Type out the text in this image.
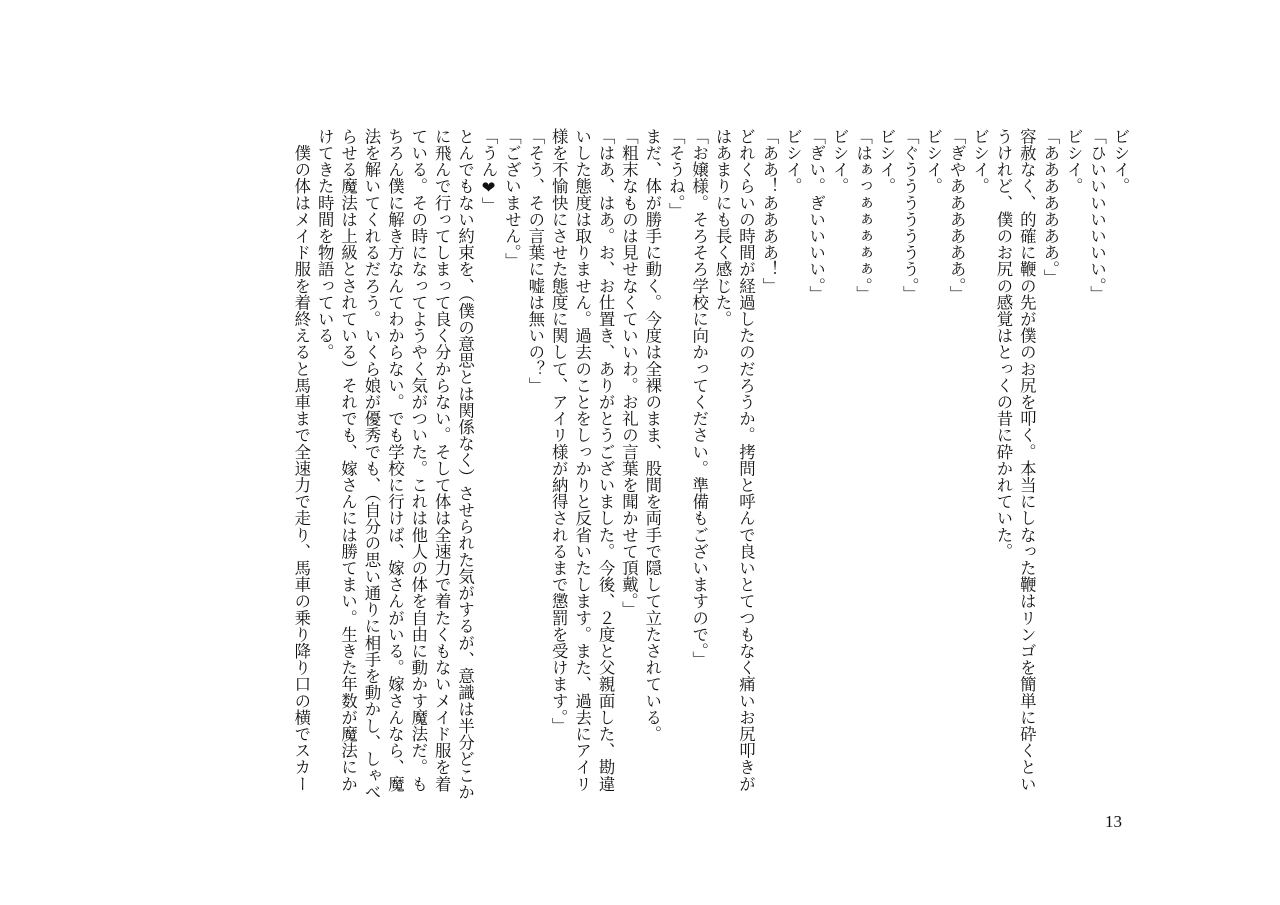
ビシイ。
「ひいいいいいいい。」
ビシイ。
「あああああああ。」
容赦なく、的確に鞭の先が僕のお尻を叩く。本当にしなった鞭はリンゴを簡単に砕くとい
うけれど、僕のお尻の感覚はとっくの昔に砕かれていた。
ビシイ。
「ぎやああああああ。」
ビシイ。
「ぐううううううう。」
ビシイ。
「はぁっぁぁぁぁぁ。」
ビシイ。
「ぎい。ぎいいいい。」
ビシイ。
「ああ！ああああ！」
どれくらいの時間が経過したのだろうか。拷問と呼んで良いとてつもなく痛いお尻叩きが
はあまりにも長く感じた。
「お嬢様。そろそろ学校に向かってください。準備もございますので。」
「そうね。」
まだ、体が勝手に動く。今度は全裸のまま、股間を両手で隠して立たされている。
「粗末なものは見せなくていいわ。お礼の言葉を聞かせて頂戴。」
「はあ、はあ。お、お仕置き、ありがとうございました。今後、２度と父親面した、勘違
いした態度は取りません。過去のことをしっかりと反省いたします。また、過去にアイリ
様を不愉快にさせた態度に関して、アイリ様が納得されるまで懲罰を受けます。」
「そう、その言葉に嘘は無いの？」
「ございません。」
「うん❤」
とんでもない約束を、（僕の意思とは関係なく）させられた気がするが、意識は半分どこか
に飛んで行ってしまって良く分からない。そして体は全速力で着たくもないメイド服を着
ている。その時になってようやく気がついた。これは他人の体を自由に動かす魔法だ。も
ちろん僕に解き方なんてわからない。でも学校に行けば、嫁さんがいる。嫁さんなら、魔
法を解いてくれるだろう。いくら娘が優秀でも、（自分の思い通りに相手を動かし、しゃべ
らせる魔法は上級とされている）それでも、嫁さんには勝てまい。生きた年数が魔法にか
けてきた時間を物語っている。
　僕の体はメイド服を着終えると馬車まで全速力で走り、馬車の乗り降り口の横でスカー
13
